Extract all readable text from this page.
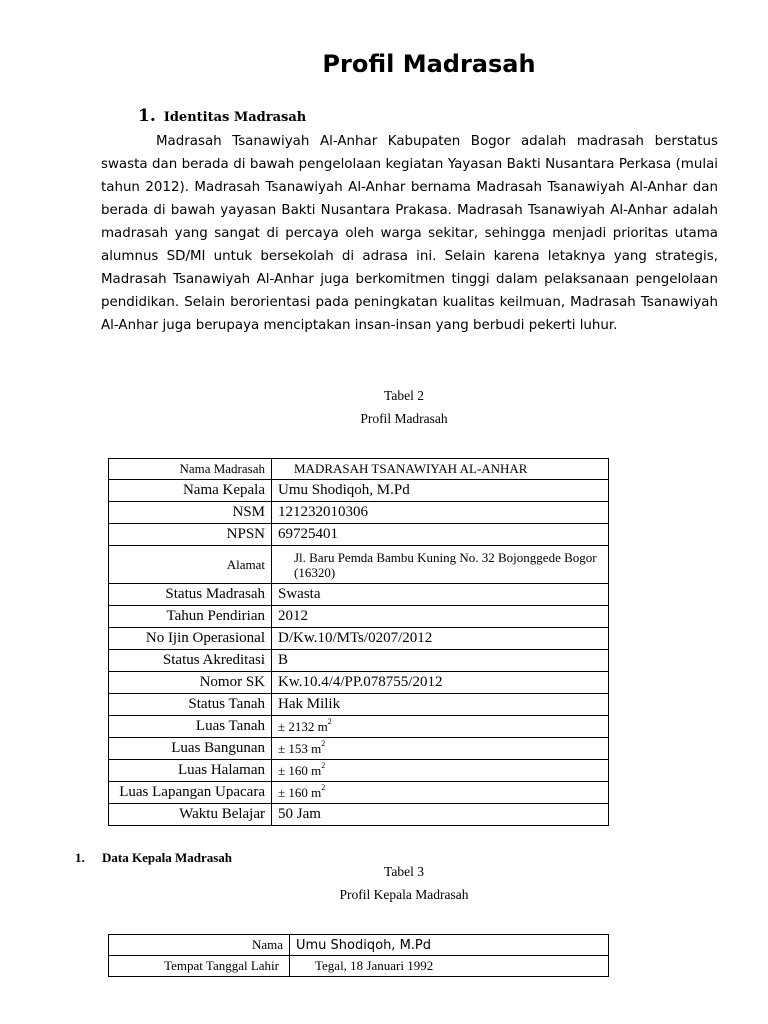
Profil Madrasah
1. Identitas Madrasah
Madrasah Tsanawiyah Al-Anhar Kabupaten Bogor adalah madrasah berstatus swasta dan berada di bawah pengelolaan kegiatan Yayasan Bakti Nusantara Perkasa (mulai tahun 2012). Madrasah Tsanawiyah Al-Anhar bernama Madrasah Tsanawiyah Al-Anhar dan berada di bawah yayasan Bakti Nusantara Prakasa. Madrasah Tsanawiyah Al-Anhar adalah madrasah yang sangat di percaya oleh warga sekitar, sehingga menjadi prioritas utama alumnus SD/MI untuk bersekolah di adrasa ini. Selain karena letaknya yang strategis, Madrasah Tsanawiyah Al-Anhar juga berkomitmen tinggi dalam pelaksanaan pengelolaan pendidikan. Selain berorientasi pada peningkatan kualitas keilmuan, Madrasah Tsanawiyah Al-Anhar juga berupaya menciptakan insan-insan yang berbudi pekerti luhur.
Tabel 2
Profil Madrasah
Nama Madrasah	MADRASAH TSANAWIYAH AL-ANHAR
Nama Kepala	Umu Shodiqoh, M.Pd
NSM	121232010306
NPSN	69725401
Alamat	Jl. Baru Pemda Bambu Kuning No. 32 Bojonggede Bogor (16320)
Status Madrasah	Swasta
Tahun Pendirian	2012
No Ijin Operasional	D/Kw.10/MTs/0207/2012
Status Akreditasi	B
Nomor SK	Kw.10.4/4/PP.078755/2012
Status Tanah	Hak Milik
Luas Tanah	± 2132 $m^2$
Luas Bangunan	± 153 $m^2$
Luas Halaman	± 160 $m^2$
Luas Lapangan Upacara	± 160 $m^2$
Waktu Belajar	50 Jam
1. Data Kepala Madrasah
Tabel 3
Profil Kepala Madrasah
Nama	Umu Shodiqoh, M.Pd
Tempat Tanggal Lahir	Tegal, 18 Januari 1992
